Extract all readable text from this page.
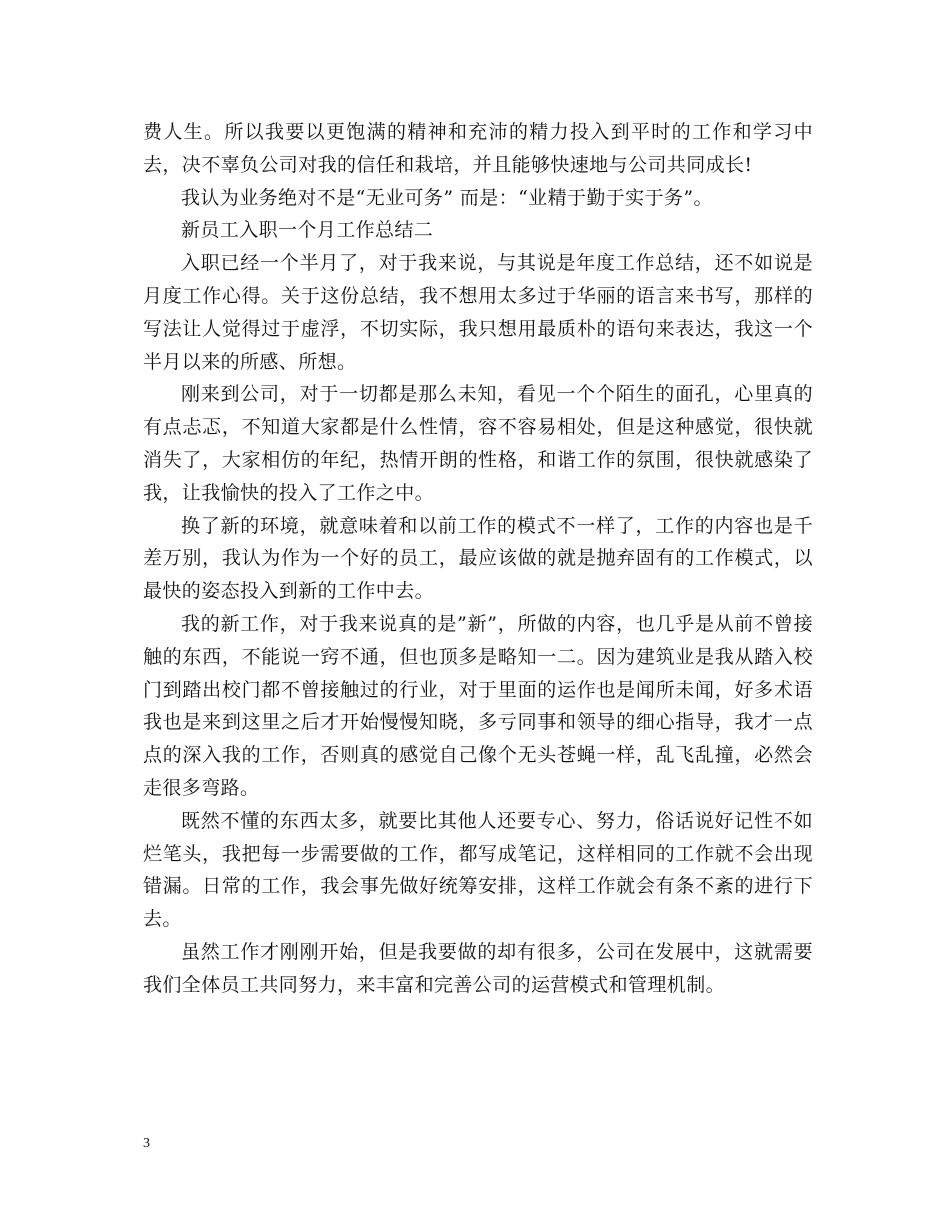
费人生。所以我要以更饱满的精神和充沛的精力投入到平时的工作和学习中去，决不辜负公司对我的信任和栽培，并且能够快速地与公司共同成长!

我认为业务绝对不是“无业可务” 而是：“业精于勤于实于务”。

新员工入职一个月工作总结二

入职已经一个半月了，对于我来说，与其说是年度工作总结，还不如说是月度工作心得。关于这份总结，我不想用太多过于华丽的语言来书写，那样的写法让人觉得过于虚浮，不切实际，我只想用最质朴的语句来表达，我这一个半月以来的所感、所想。

刚来到公司，对于一切都是那么未知，看见一个个陌生的面孔，心里真的有点忐忑，不知道大家都是什么性情，容不容易相处，但是这种感觉，很快就消失了，大家相仿的年纪，热情开朗的性格，和谐工作的氛围，很快就感染了我，让我愉快的投入了工作之中。

换了新的环境，就意味着和以前工作的模式不一样了，工作的内容也是千差万别，我认为作为一个好的员工，最应该做的就是抛弃固有的工作模式，以最快的姿态投入到新的工作中去。

我的新工作，对于我来说真的是”新”，所做的内容，也几乎是从前不曾接触的东西，不能说一窍不通，但也顶多是略知一二。因为建筑业是我从踏入校门到踏出校门都不曾接触过的行业，对于里面的运作也是闻所未闻，好多术语我也是来到这里之后才开始慢慢知晓，多亏同事和领导的细心指导，我才一点点的深入我的工作，否则真的感觉自己像个无头苍蝇一样，乱飞乱撞，必然会走很多弯路。

既然不懂的东西太多，就要比其他人还要专心、努力，俗话说好记性不如烂笔头，我把每一步需要做的工作，都写成笔记，这样相同的工作就不会出现错漏。日常的工作，我会事先做好统筹安排，这样工作就会有条不紊的进行下去。

虽然工作才刚刚开始，但是我要做的却有很多，公司在发展中，这就需要我们全体员工共同努力，来丰富和完善公司的运营模式和管理机制。

3
